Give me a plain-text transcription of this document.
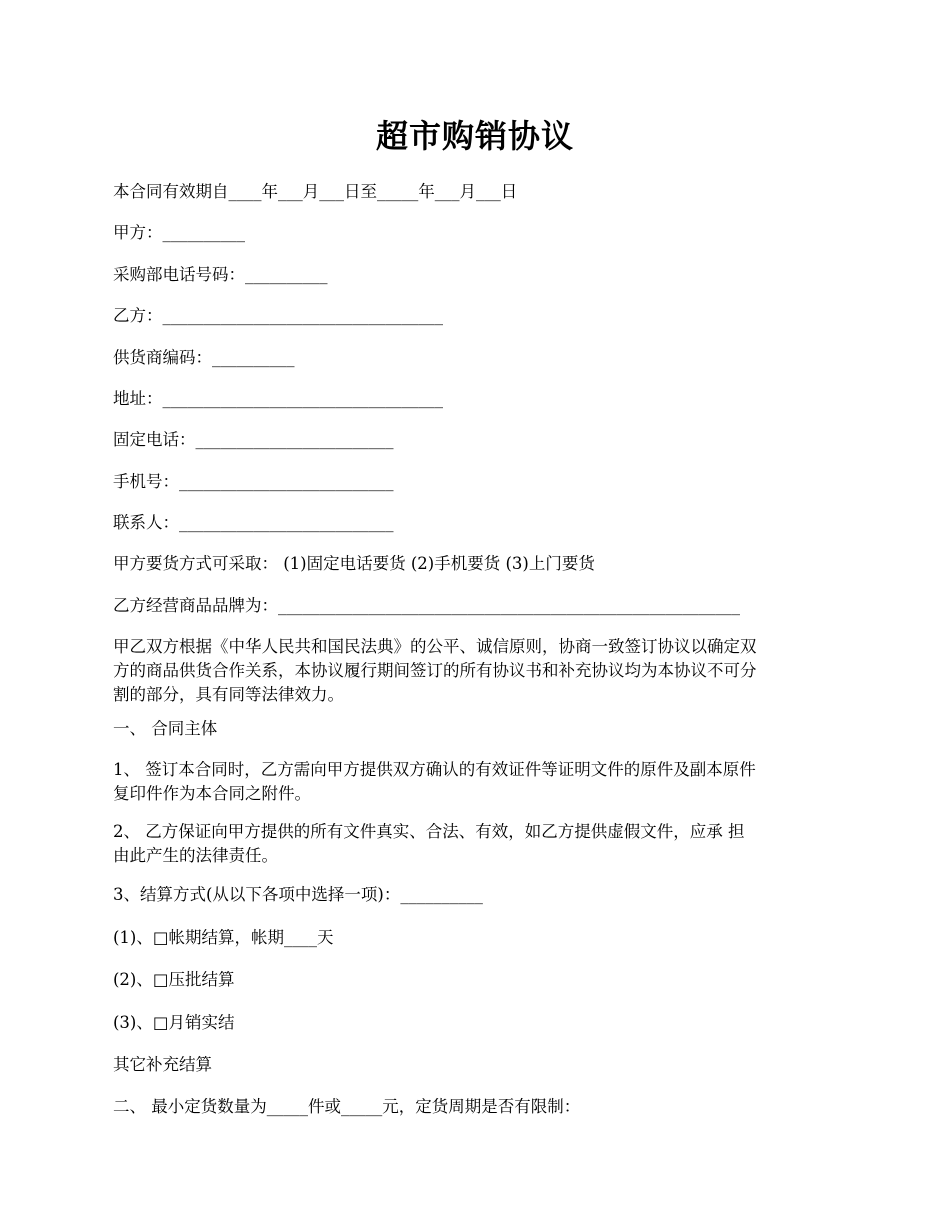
超市购销协议
本合同有效期自____年___月___日至_____年___月___日
甲方：__________
采购部电话号码：__________
乙方：__________________________________
供货商编码：__________
地址：__________________________________
固定电话：________________________
手机号：__________________________
联系人：__________________________
甲方要货方式可采取： (1)固定电话要货 (2)手机要货 (3)上门要货
乙方经营商品品牌为：________________________________________________________
甲乙双方根据《中华人民共和国民法典》的公平、诚信原则，协商一致签订协议以确定双
方的商品供货合作关系，本协议履行期间签订的所有协议书和补充协议均为本协议不可分
割的部分，具有同等法律效力。
一、 合同主体
1、 签订本合同时，乙方需向甲方提供双方确认的有效证件等证明文件的原件及副本原件
复印件作为本合同之附件。
2、 乙方保证向甲方提供的所有文件真实、合法、有效，如乙方提供虚假文件，应承 担
由此产生的法律责任。
3、结算方式(从以下各项中选择一项)：__________
(1)、□帐期结算，帐期____天
(2)、□压批结算
(3)、□月销实结
其它补充结算
二、 最小定货数量为_____件或_____元，定货周期是否有限制：
